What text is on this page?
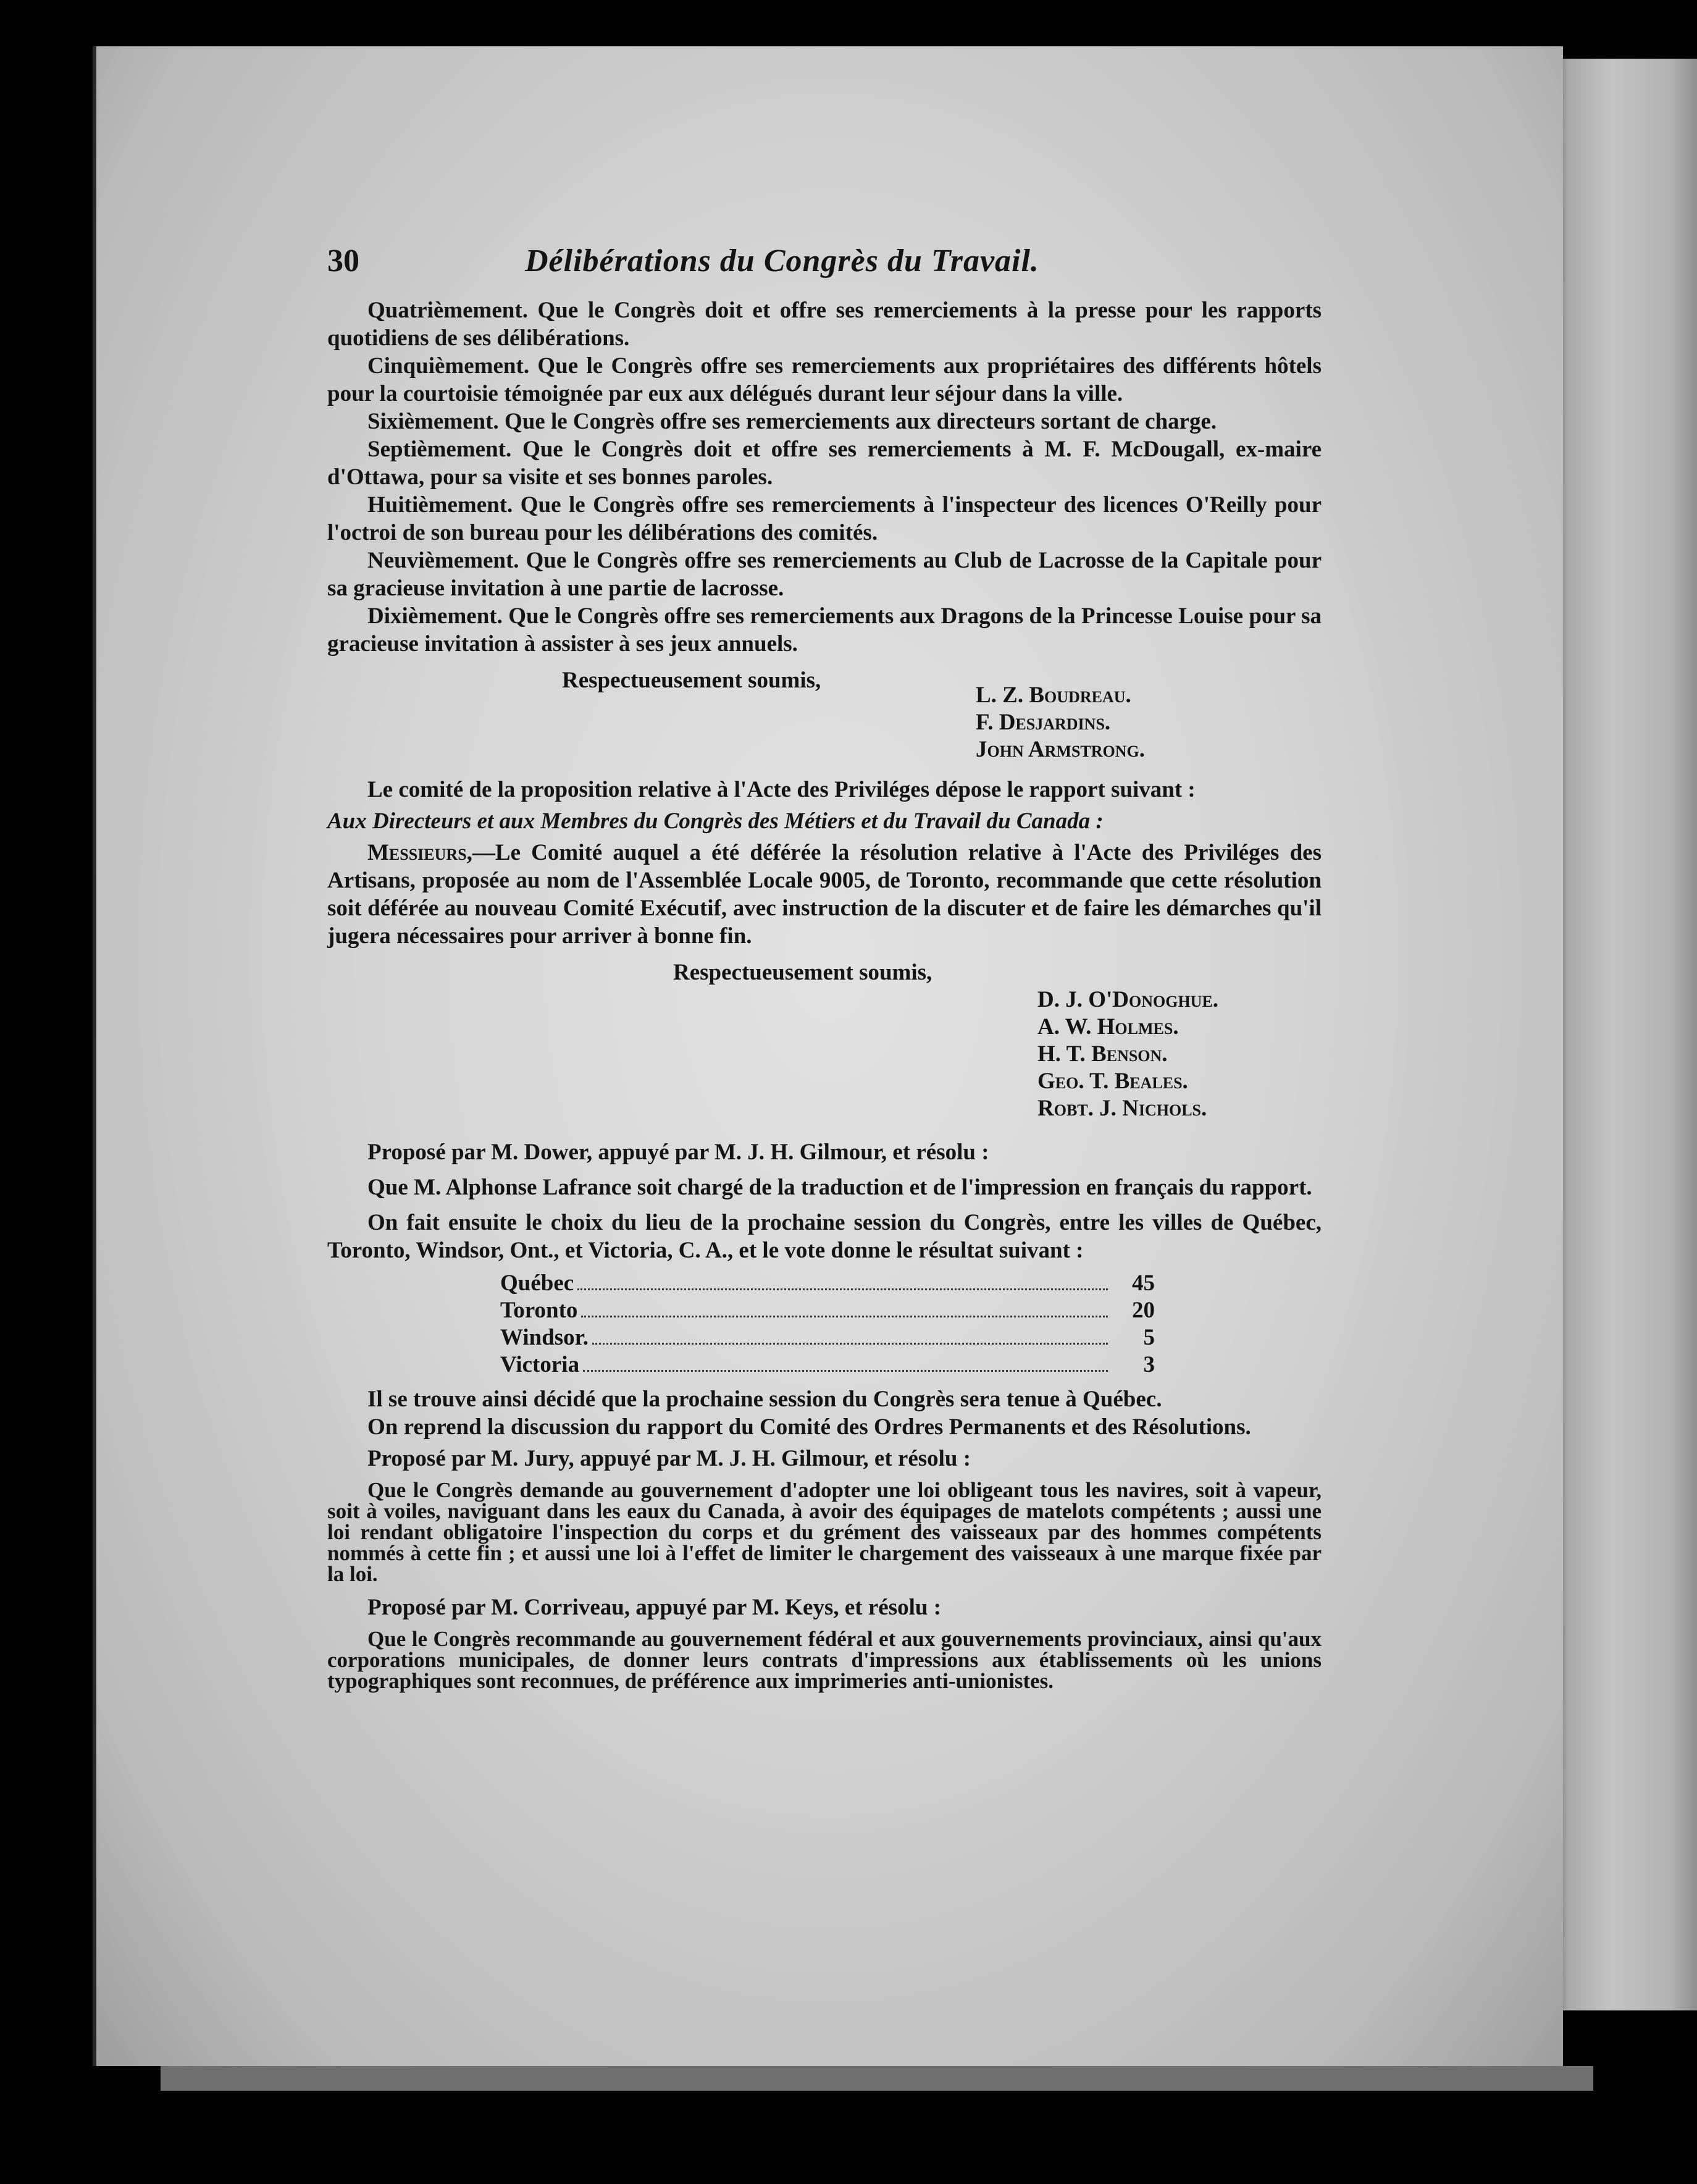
30	Délibérations du Congrès du Travail.

Quatrièmement. Que le Congrès doit et offre ses remerciements à la presse pour les rapports quotidiens de ses délibérations.

Cinquièmement. Que le Congrès offre ses remerciements aux propriétaires des différents hôtels pour la courtoisie témoignée par eux aux délégués durant leur séjour dans la ville.

Sixièmement. Que le Congrès offre ses remerciements aux directeurs sortant de charge.

Septièmement. Que le Congrès doit et offre ses remerciements à M. F. McDougall, ex-maire d'Ottawa, pour sa visite et ses bonnes paroles.

Huitièmement. Que le Congrès offre ses remerciements à l'inspecteur des licences O'Reilly pour l'octroi de son bureau pour les délibérations des comités.

Neuvièmement. Que le Congrès offre ses remerciements au Club de Lacrosse de la Capitale pour sa gracieuse invitation à une partie de lacrosse.

Dixièmement. Que le Congrès offre ses remerciements aux Dragons de la Princesse Louise pour sa gracieuse invitation à assister à ses jeux annuels.

Respectueusement soumis,
L. Z. Boudreau.
F. Desjardins.
John Armstrong.

Le comité de la proposition relative à l'Acte des Priviléges dépose le rapport suivant :

Aux Directeurs et aux Membres du Congrès des Métiers et du Travail du Canada :

Messieurs,—Le Comité auquel a été déférée la résolution relative à l'Acte des Priviléges des Artisans, proposée au nom de l'Assemblée Locale 9005, de Toronto, recommande que cette résolution soit déférée au nouveau Comité Exécutif, avec instruction de la discuter et de faire les démarches qu'il jugera nécessaires pour arriver à bonne fin.

Respectueusement soumis,
D. J. O'Donoghue.
A. W. Holmes.
H. T. Benson.
Geo. T. Beales.
Robt. J. Nichols.

Proposé par M. Dower, appuyé par M. J. H. Gilmour, et résolu :

Que M. Alphonse Lafrance soit chargé de la traduction et de l'impression en français du rapport.

On fait ensuite le choix du lieu de la prochaine session du Congrès, entre les villes de Québec, Toronto, Windsor, Ont., et Victoria, C. A., et le vote donne le résultat suivant :

Québec	45
Toronto	20
Windsor.	5
Victoria	3

Il se trouve ainsi décidé que la prochaine session du Congrès sera tenue à Québec.

On reprend la discussion du rapport du Comité des Ordres Permanents et des Résolutions.

Proposé par M. Jury, appuyé par M. J. H. Gilmour, et résolu :

Que le Congrès demande au gouvernement d'adopter une loi obligeant tous les navires, soit à vapeur, soit à voiles, naviguant dans les eaux du Canada, à avoir des équipages de matelots compétents ; aussi une loi rendant obligatoire l'inspection du corps et du grément des vaisseaux par des hommes compétents nommés à cette fin ; et aussi une loi à l'effet de limiter le chargement des vaisseaux à une marque fixée par la loi.

Proposé par M. Corriveau, appuyé par M. Keys, et résolu :

Que le Congrès recommande au gouvernement fédéral et aux gouvernements provinciaux, ainsi qu'aux corporations municipales, de donner leurs contrats d'impressions aux établissements où les unions typographiques sont reconnues, de préférence aux imprimeries anti-unionistes.
